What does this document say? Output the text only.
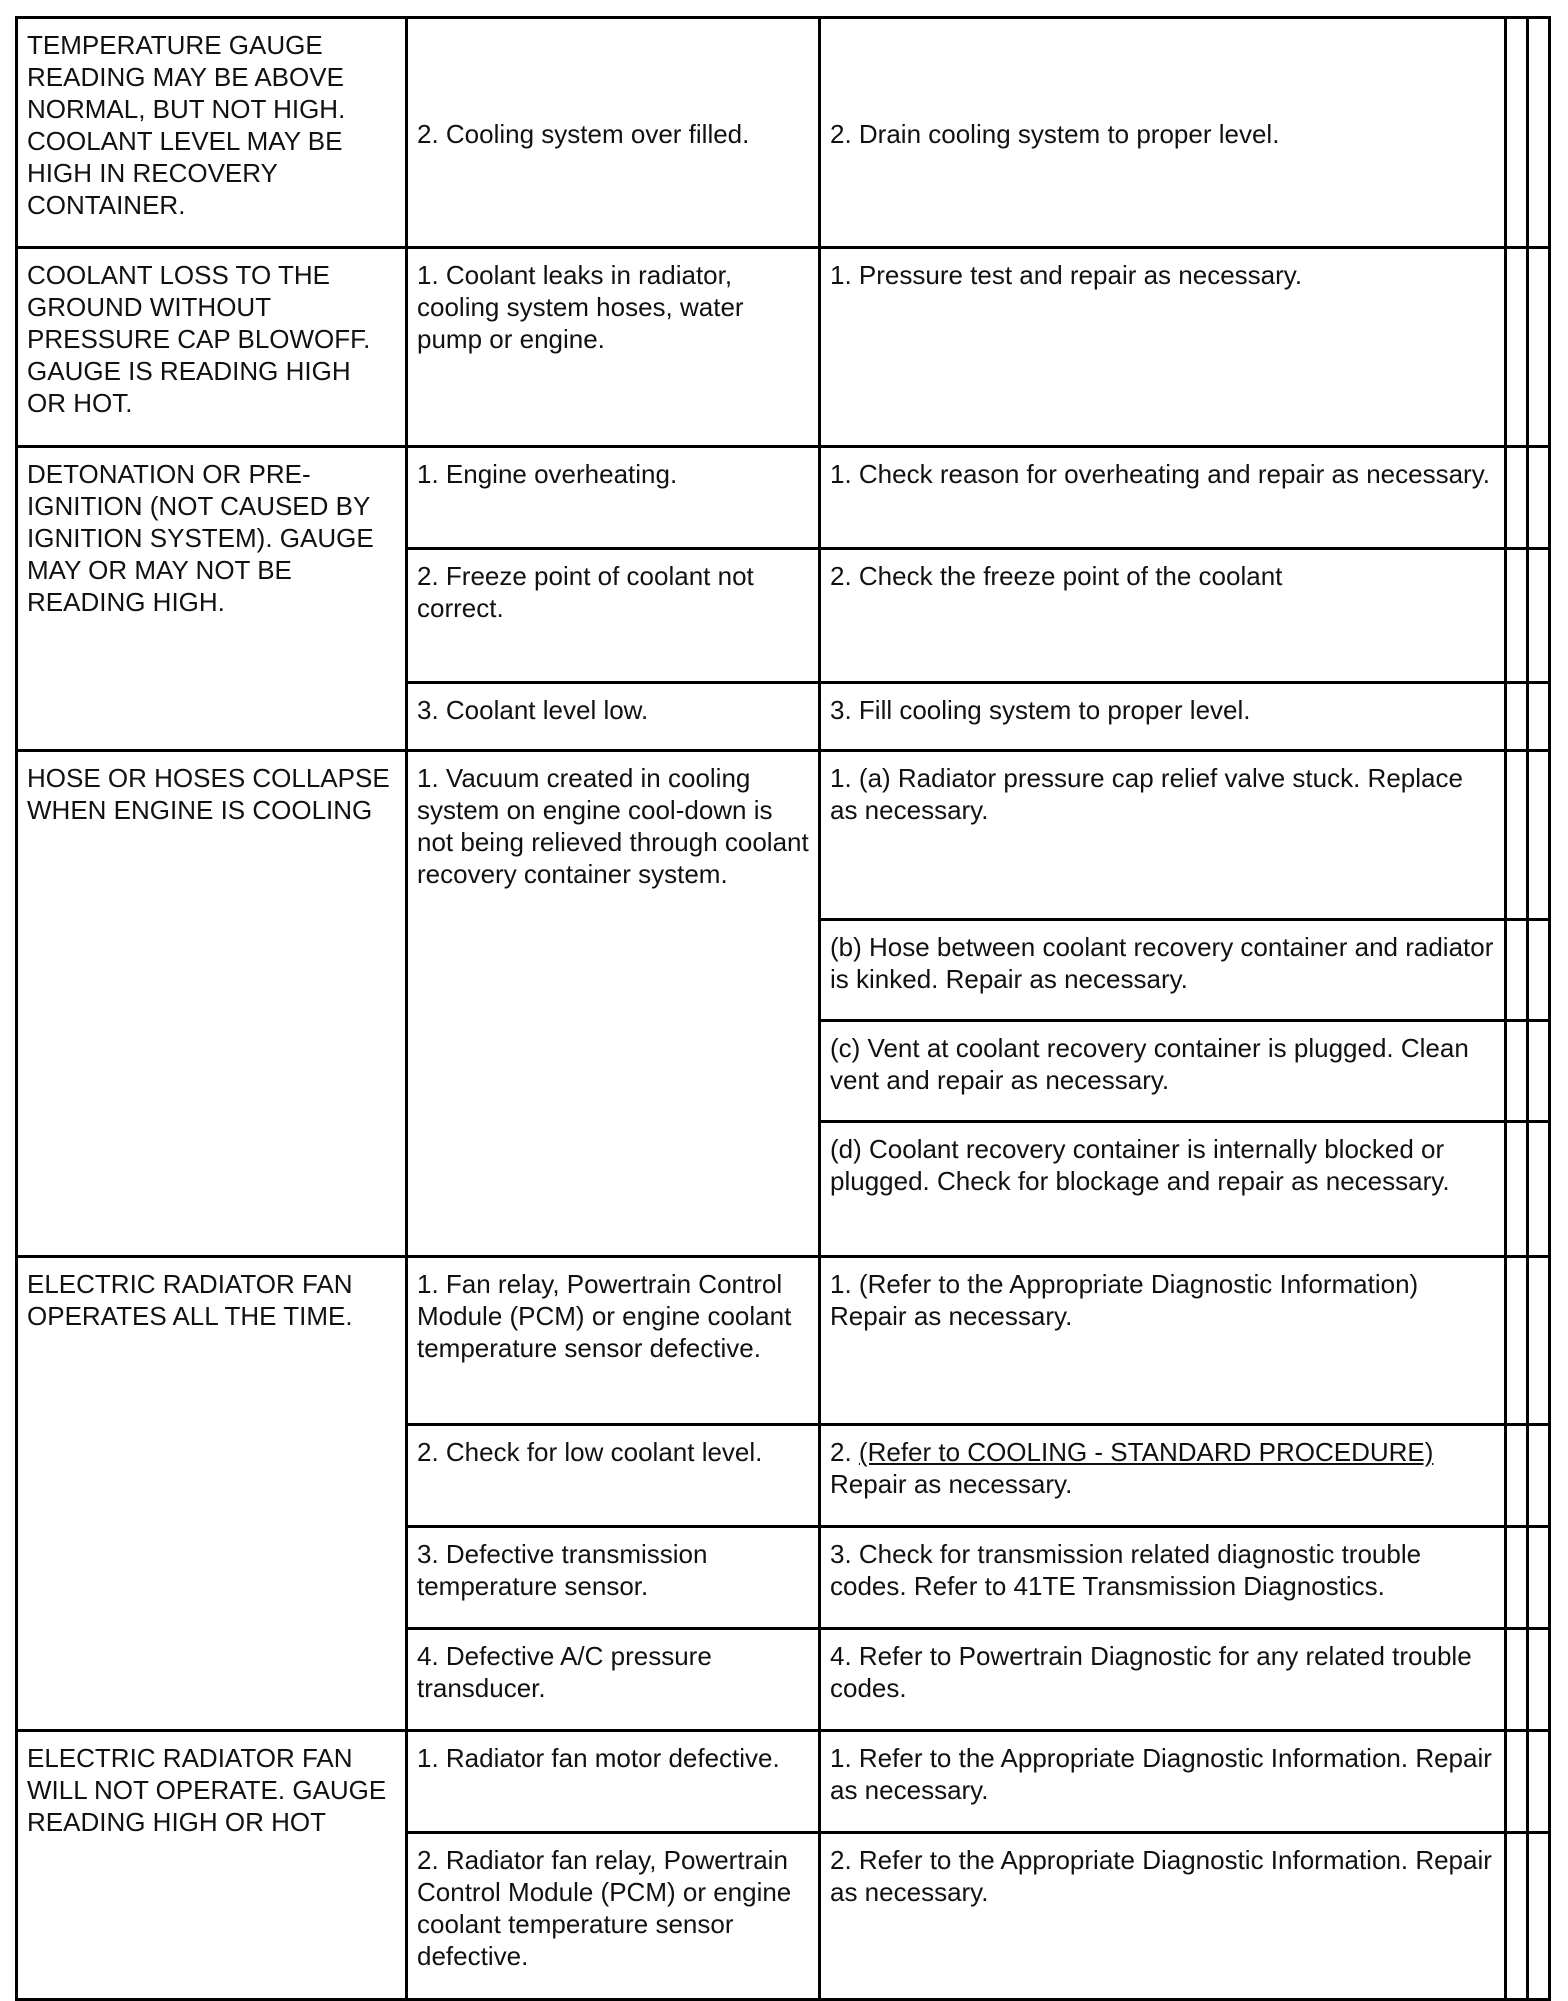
TEMPERATURE GAUGE READING MAY BE ABOVE NORMAL, BUT NOT HIGH. COOLANT LEVEL MAY BE HIGH IN RECOVERY CONTAINER.	2. Cooling system over filled.	2. Drain cooling system to proper level.		
COOLANT LOSS TO THE GROUND WITHOUT PRESSURE CAP BLOWOFF. GAUGE IS READING HIGH OR HOT.	1. Coolant leaks in radiator, cooling system hoses, water pump or engine.	1. Pressure test and repair as necessary.		
DETONATION OR PRE-IGNITION (NOT CAUSED BY IGNITION SYSTEM). GAUGE MAY OR MAY NOT BE READING HIGH.	1. Engine overheating.	1. Check reason for overheating and repair as necessary.		
	2. Freeze point of coolant not correct.	2. Check the freeze point of the coolant		
	3. Coolant level low.	3. Fill cooling system to proper level.		
HOSE OR HOSES COLLAPSE WHEN ENGINE IS COOLING	1. Vacuum created in cooling system on engine cool-down is not being relieved through coolant recovery container system.	1. (a) Radiator pressure cap relief valve stuck. Replace as necessary.		
		(b) Hose between coolant recovery container and radiator is kinked. Repair as necessary.		
		(c) Vent at coolant recovery container is plugged. Clean vent and repair as necessary.		
		(d) Coolant recovery container is internally blocked or plugged. Check for blockage and repair as necessary.		
ELECTRIC RADIATOR FAN OPERATES ALL THE TIME.	1. Fan relay, Powertrain Control Module (PCM) or engine coolant temperature sensor defective.	1. (Refer to the Appropriate Diagnostic Information) Repair as necessary.		
	2. Check for low coolant level.	2. (Refer to COOLING - STANDARD PROCEDURE) Repair as necessary.		
	3. Defective transmission temperature sensor.	3. Check for transmission related diagnostic trouble codes. Refer to 41TE Transmission Diagnostics.		
	4. Defective A/C pressure transducer.	4. Refer to Powertrain Diagnostic for any related trouble codes.		
ELECTRIC RADIATOR FAN WILL NOT OPERATE. GAUGE READING HIGH OR HOT	1. Radiator fan motor defective.	1. Refer to the Appropriate Diagnostic Information. Repair as necessary.		
	2. Radiator fan relay, Powertrain Control Module (PCM) or engine coolant temperature sensor defective.	2. Refer to the Appropriate Diagnostic Information. Repair as necessary.		
